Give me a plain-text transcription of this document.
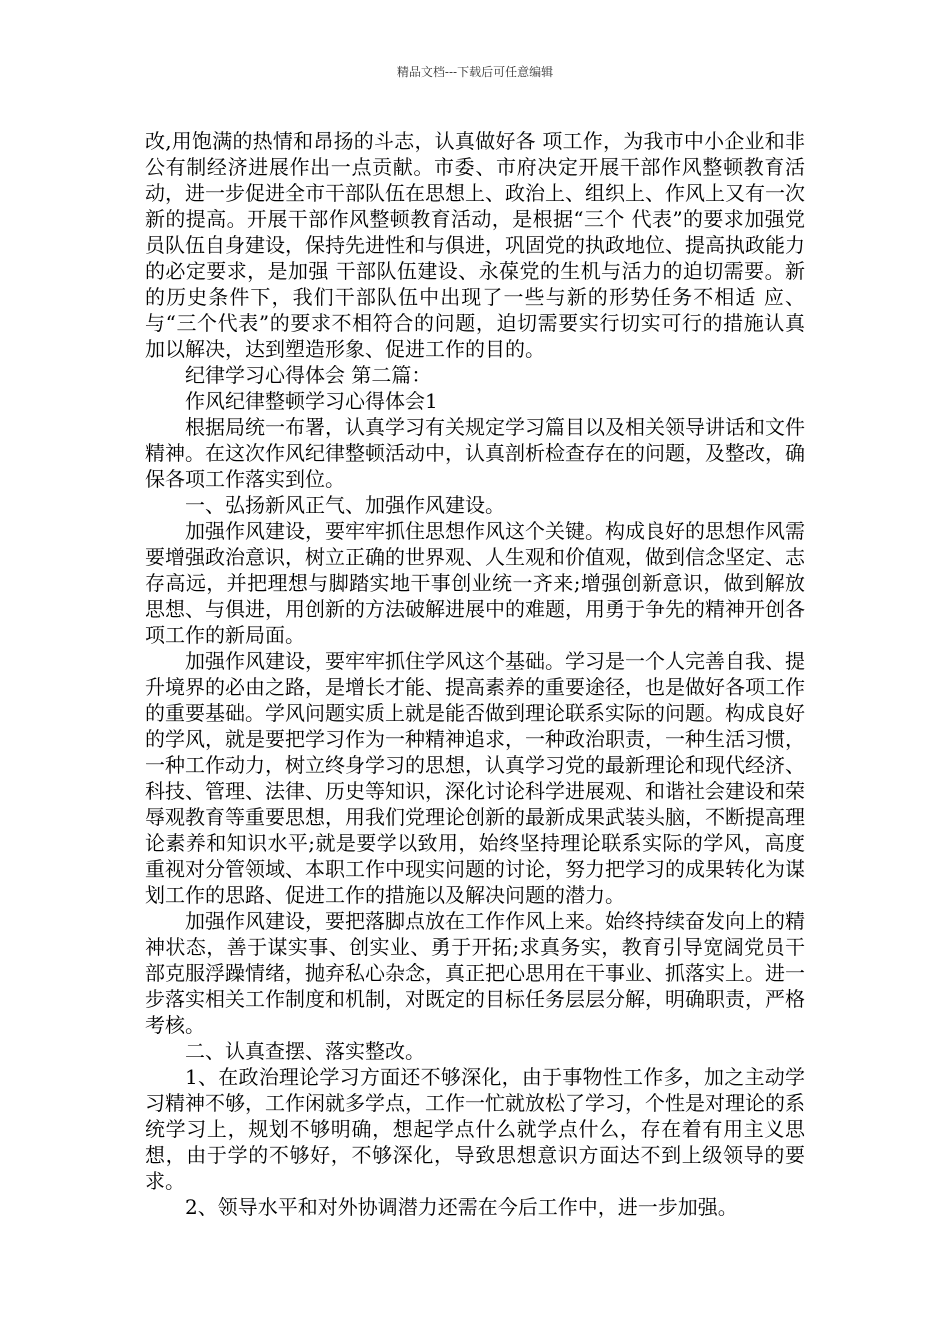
精品文档---下载后可任意编辑

改,用饱满的热情和昂扬的斗志，认真做好各 项工作，为我市中小企业和非公有制经济进展作出一点贡献。市委、市府决定开展干部作风整顿教育活动，进一步促进全市干部队伍在思想上、政治上、组织上、作风上又有一次新的提高。开展干部作风整顿教育活动，是根据“三个 代表”的要求加强党员队伍自身建设，保持先进性和与俱进，巩固党的执政地位、提高执政能力的必定要求，是加强 干部队伍建设、永葆党的生机与活力的迫切需要。新的历史条件下，我们干部队伍中出现了一些与新的形势任务不相适 应、与“三个代表”的要求不相符合的问题，迫切需要实行切实可行的措施认真加以解决，达到塑造形象、促进工作的目的。

纪律学习心得体会 第二篇：

作风纪律整顿学习心得体会1

根据局统一布署，认真学习有关规定学习篇目以及相关领导讲话和文件精神。在这次作风纪律整顿活动中，认真剖析检查存在的问题，及整改，确保各项工作落实到位。

一、弘扬新风正气、加强作风建设。

加强作风建设，要牢牢抓住思想作风这个关键。构成良好的思想作风需要增强政治意识，树立正确的世界观、人生观和价值观，做到信念坚定、志存高远，并把理想与脚踏实地干事创业统一齐来;增强创新意识，做到解放思想、与俱进，用创新的方法破解进展中的难题，用勇于争先的精神开创各项工作的新局面。

加强作风建设，要牢牢抓住学风这个基础。学习是一个人完善自我、提升境界的必由之路，是增长才能、提高素养的重要途径，也是做好各项工作的重要基础。学风问题实质上就是能否做到理论联系实际的问题。构成良好的学风，就是要把学习作为一种精神追求，一种政治职责，一种生活习惯，一种工作动力，树立终身学习的思想，认真学习党的最新理论和现代经济、科技、管理、法律、历史等知识，深化讨论科学进展观、和谐社会建设和荣辱观教育等重要思想，用我们党理论创新的最新成果武装头脑，不断提高理论素养和知识水平;就是要学以致用，始终坚持理论联系实际的学风，高度重视对分管领域、本职工作中现实问题的讨论，努力把学习的成果转化为谋划工作的思路、促进工作的措施以及解决问题的潜力。

加强作风建设，要把落脚点放在工作作风上来。始终持续奋发向上的精神状态，善于谋实事、创实业、勇于开拓;求真务实，教育引导宽阔党员干部克服浮躁情绪，抛弃私心杂念，真正把心思用在干事业、抓落实上。进一步落实相关工作制度和机制，对既定的目标任务层层分解，明确职责，严格考核。

二、认真查摆、落实整改。

1、在政治理论学习方面还不够深化，由于事物性工作多，加之主动学习精神不够，工作闲就多学点，工作一忙就放松了学习，个性是对理论的系统学习上，规划不够明确，想起学点什么就学点什么，存在着有用主义思想，由于学的不够好，不够深化，导致思想意识方面达不到上级领导的要求。

2、领导水平和对外协调潜力还需在今后工作中，进一步加强。
